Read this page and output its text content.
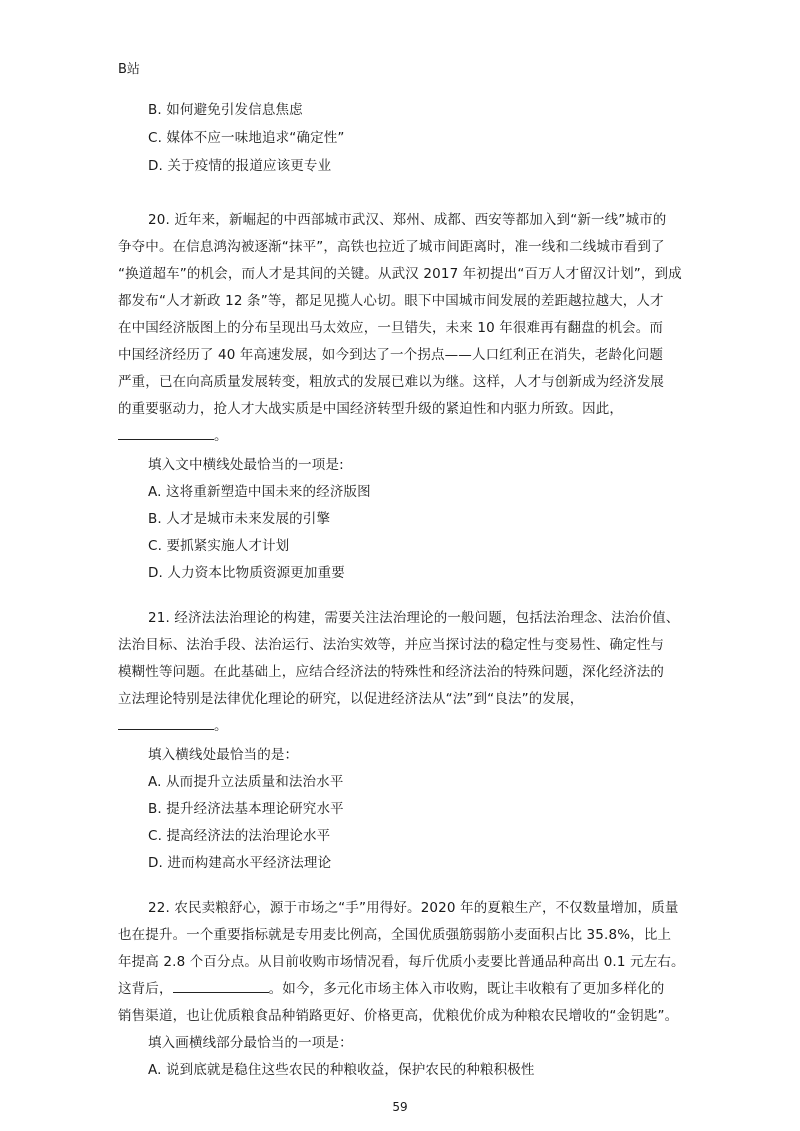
B站
B. 如何避免引发信息焦虑
C. 媒体不应一味地追求“确定性”
D. 关于疫情的报道应该更专业
20. 近年来，新崛起的中西部城市武汉、郑州、成都、西安等都加入到“新一线”城市的
争夺中。在信息鸿沟被逐渐“抹平”，高铁也拉近了城市间距离时，准一线和二线城市看到了
“换道超车”的机会，而人才是其间的关键。从武汉 2017 年初提出“百万人才留汉计划”，到成
都发布“人才新政 12 条”等，都足见揽人心切。眼下中国城市间发展的差距越拉越大，人才
在中国经济版图上的分布呈现出马太效应，一旦错失，未来 10 年很难再有翻盘的机会。而
中国经济经历了 40 年高速发展，如今到达了一个拐点——人口红利正在消失，老龄化问题
严重，已在向高质量发展转变，粗放式的发展已难以为继。这样，人才与创新成为经济发展
的重要驱动力，抢人才大战实质是中国经济转型升级的紧迫性和内驱力所致。因此，
。
填入文中横线处最恰当的一项是:
A. 这将重新塑造中国未来的经济版图
B. 人才是城市未来发展的引擎
C. 要抓紧实施人才计划
D. 人力资本比物质资源更加重要
21. 经济法法治理论的构建，需要关注法治理论的一般问题，包括法治理念、法治价值、
法治目标、法治手段、法治运行、法治实效等，并应当探讨法的稳定性与变易性、确定性与
模糊性等问题。在此基础上，应结合经济法的特殊性和经济法治的特殊问题，深化经济法的
立法理论特别是法律优化理论的研究，以促进经济法从“法”到“良法”的发展，
。
填入横线处最恰当的是：
A. 从而提升立法质量和法治水平
B. 提升经济法基本理论研究水平
C. 提高经济法的法治理论水平
D. 进而构建高水平经济法理论
22. 农民卖粮舒心，源于市场之“手”用得好。2020 年的夏粮生产，不仅数量增加，质量
也在提升。一个重要指标就是专用麦比例高，全国优质强筋弱筋小麦面积占比 35.8%，比上
年提高 2.8 个百分点。从目前收购市场情况看，每斤优质小麦要比普通品种高出 0.1 元左右。
这背后，	。如今，多元化市场主体入市收购，既让丰收粮有了更加多样化的
销售渠道，也让优质粮食品种销路更好、价格更高，优粮优价成为种粮农民增收的“金钥匙”。
填入画横线部分最恰当的一项是：
A. 说到底就是稳住这些农民的种粮收益，保护农民的种粮积极性
59
